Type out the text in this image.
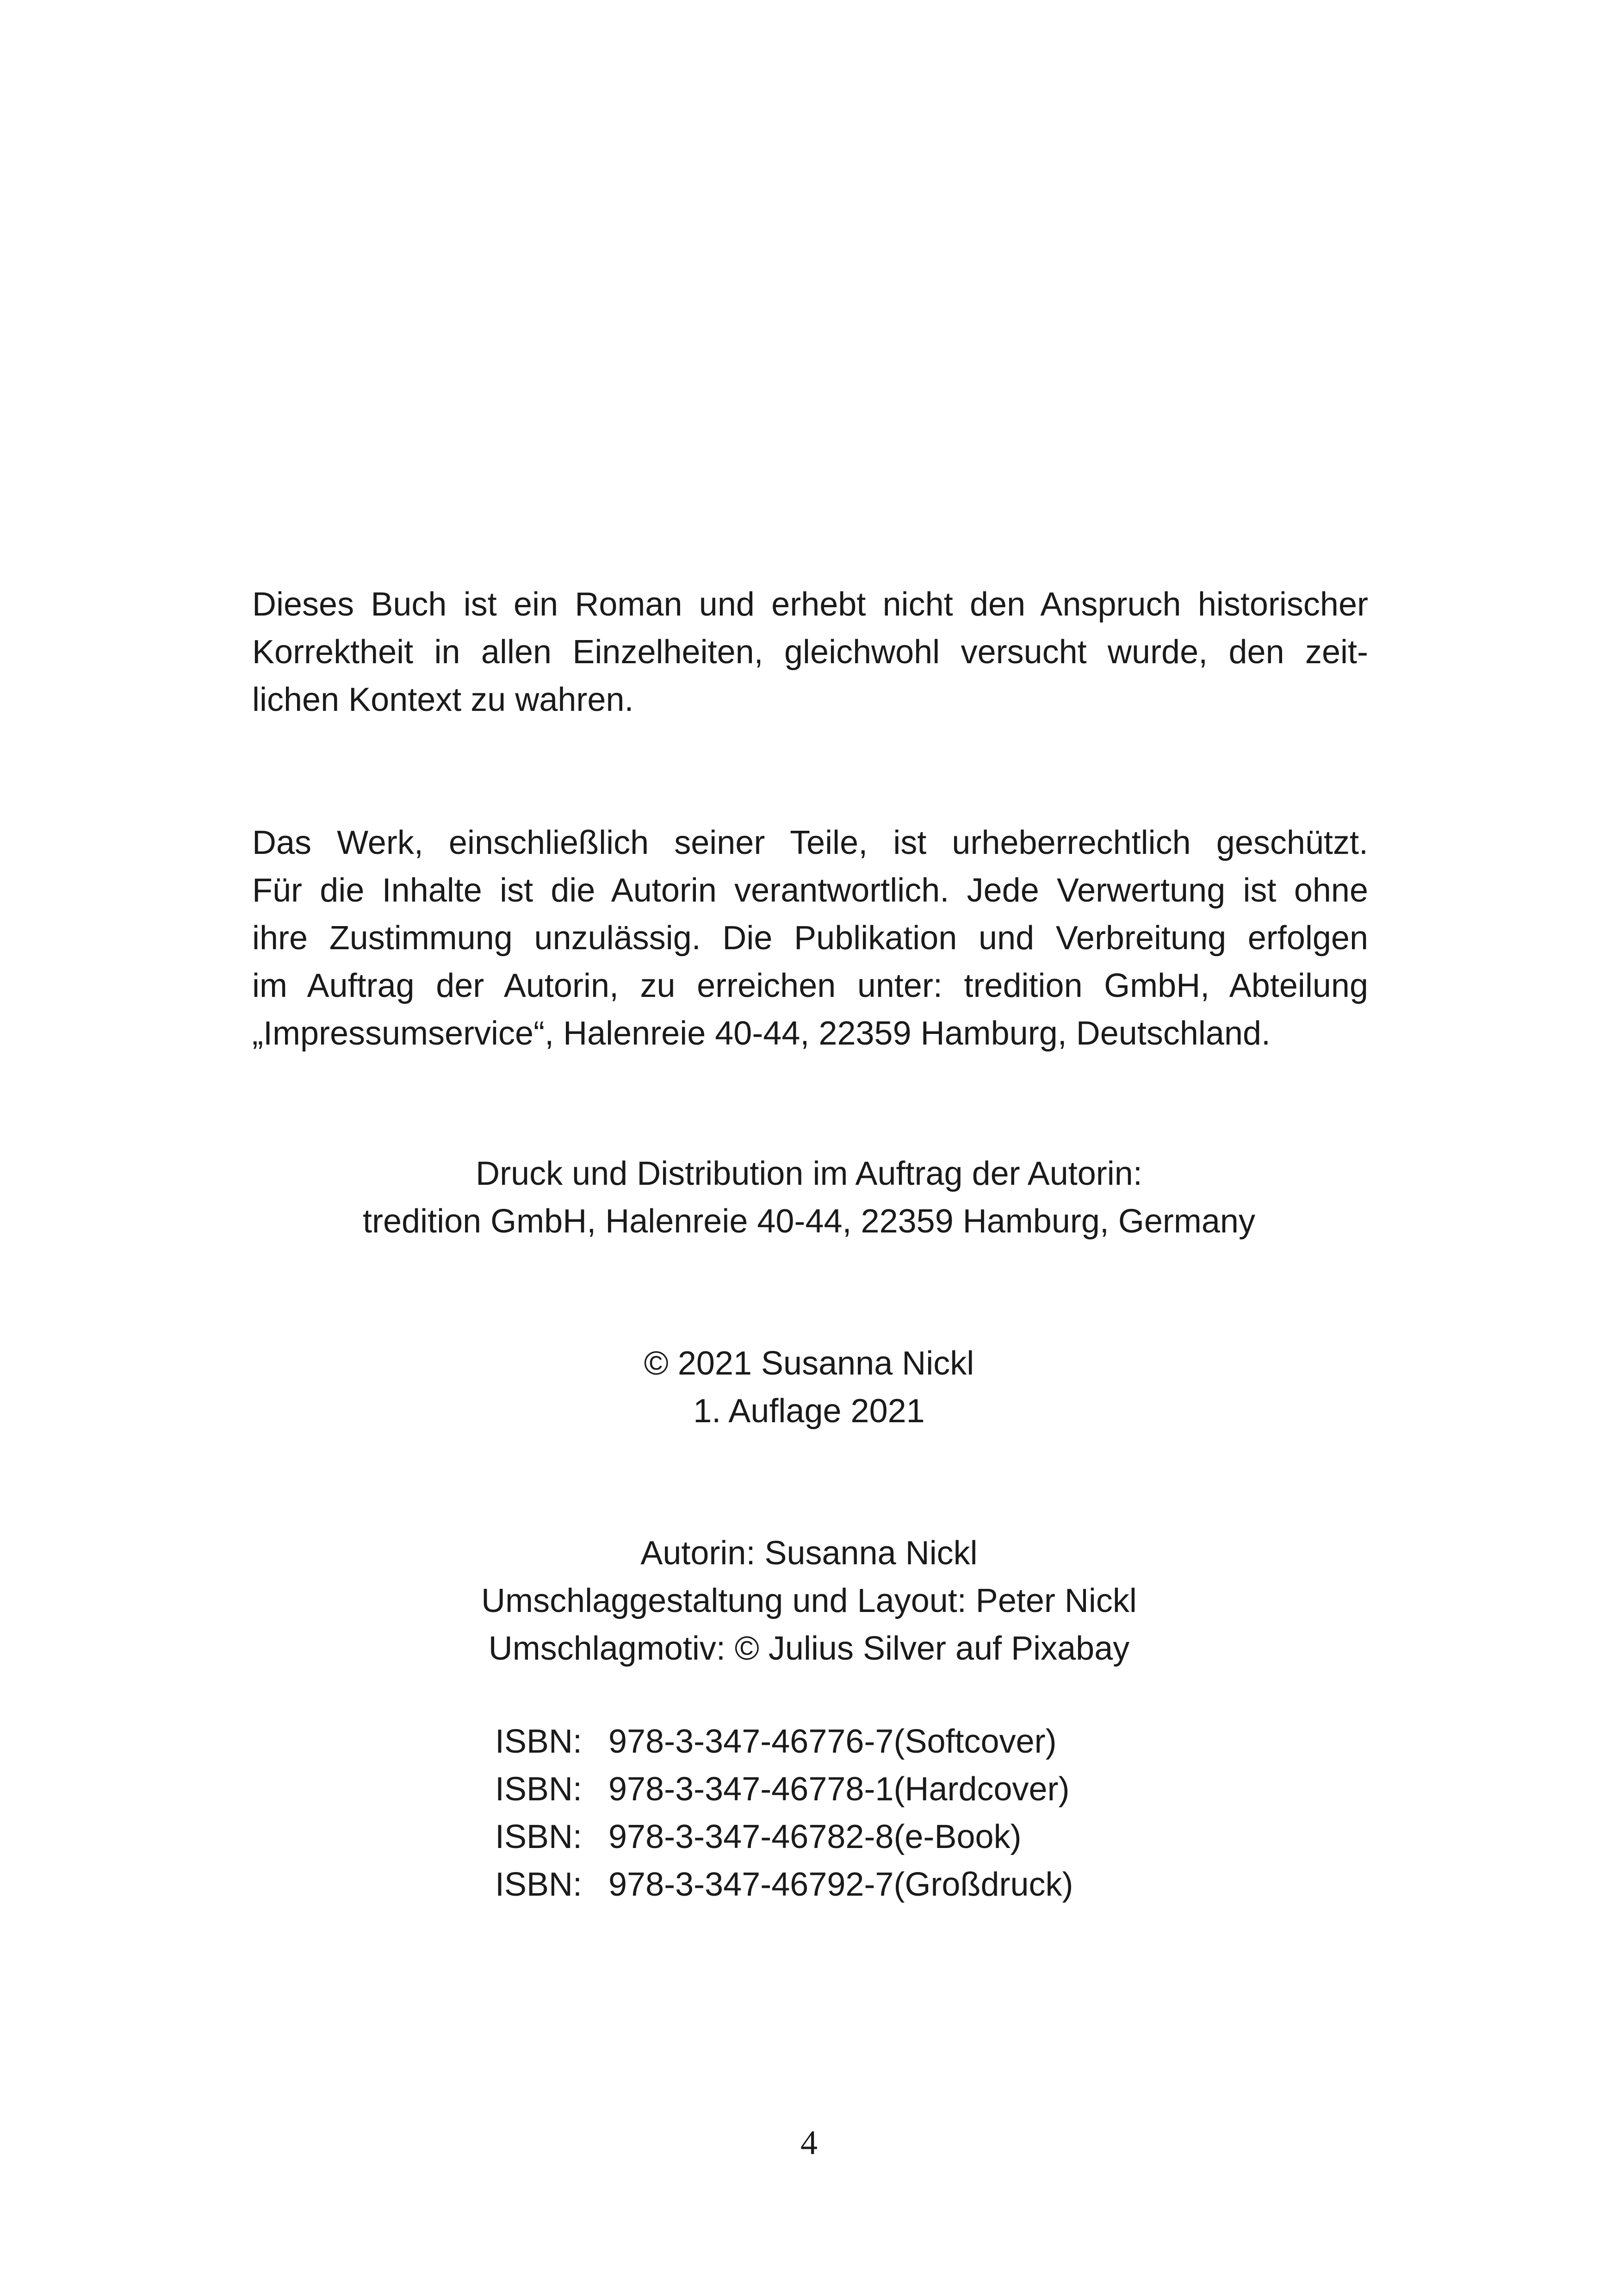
Dieses Buch ist ein Roman und erhebt nicht den Anspruch historischer
Korrektheit in allen Einzelheiten, gleichwohl versucht wurde, den zeit-
lichen Kontext zu wahren.
Das Werk, einschließlich seiner Teile, ist urheberrechtlich geschützt.
Für die Inhalte ist die Autorin verantwortlich. Jede Verwertung ist ohne
ihre Zustimmung unzulässig. Die Publikation und Verbreitung erfolgen
im Auftrag der Autorin, zu erreichen unter: tredition GmbH, Abteilung
„Impressumservice“, Halenreie 40-44, 22359 Hamburg, Deutschland.
Druck und Distribution im Auftrag der Autorin:
tredition GmbH, Halenreie 40-44, 22359 Hamburg, Germany
© 2021 Susanna Nickl
1. Auflage 2021
Autorin: Susanna Nickl
Umschlaggestaltung und Layout: Peter Nickl
Umschlagmotiv: © Julius Silver auf Pixabay
ISBN:	978-3-347-46776-7	(Softcover)
ISBN:	978-3-347-46778-1	(Hardcover)
ISBN:	978-3-347-46782-8	(e-Book)
ISBN:	978-3-347-46792-7	(Großdruck)
4
